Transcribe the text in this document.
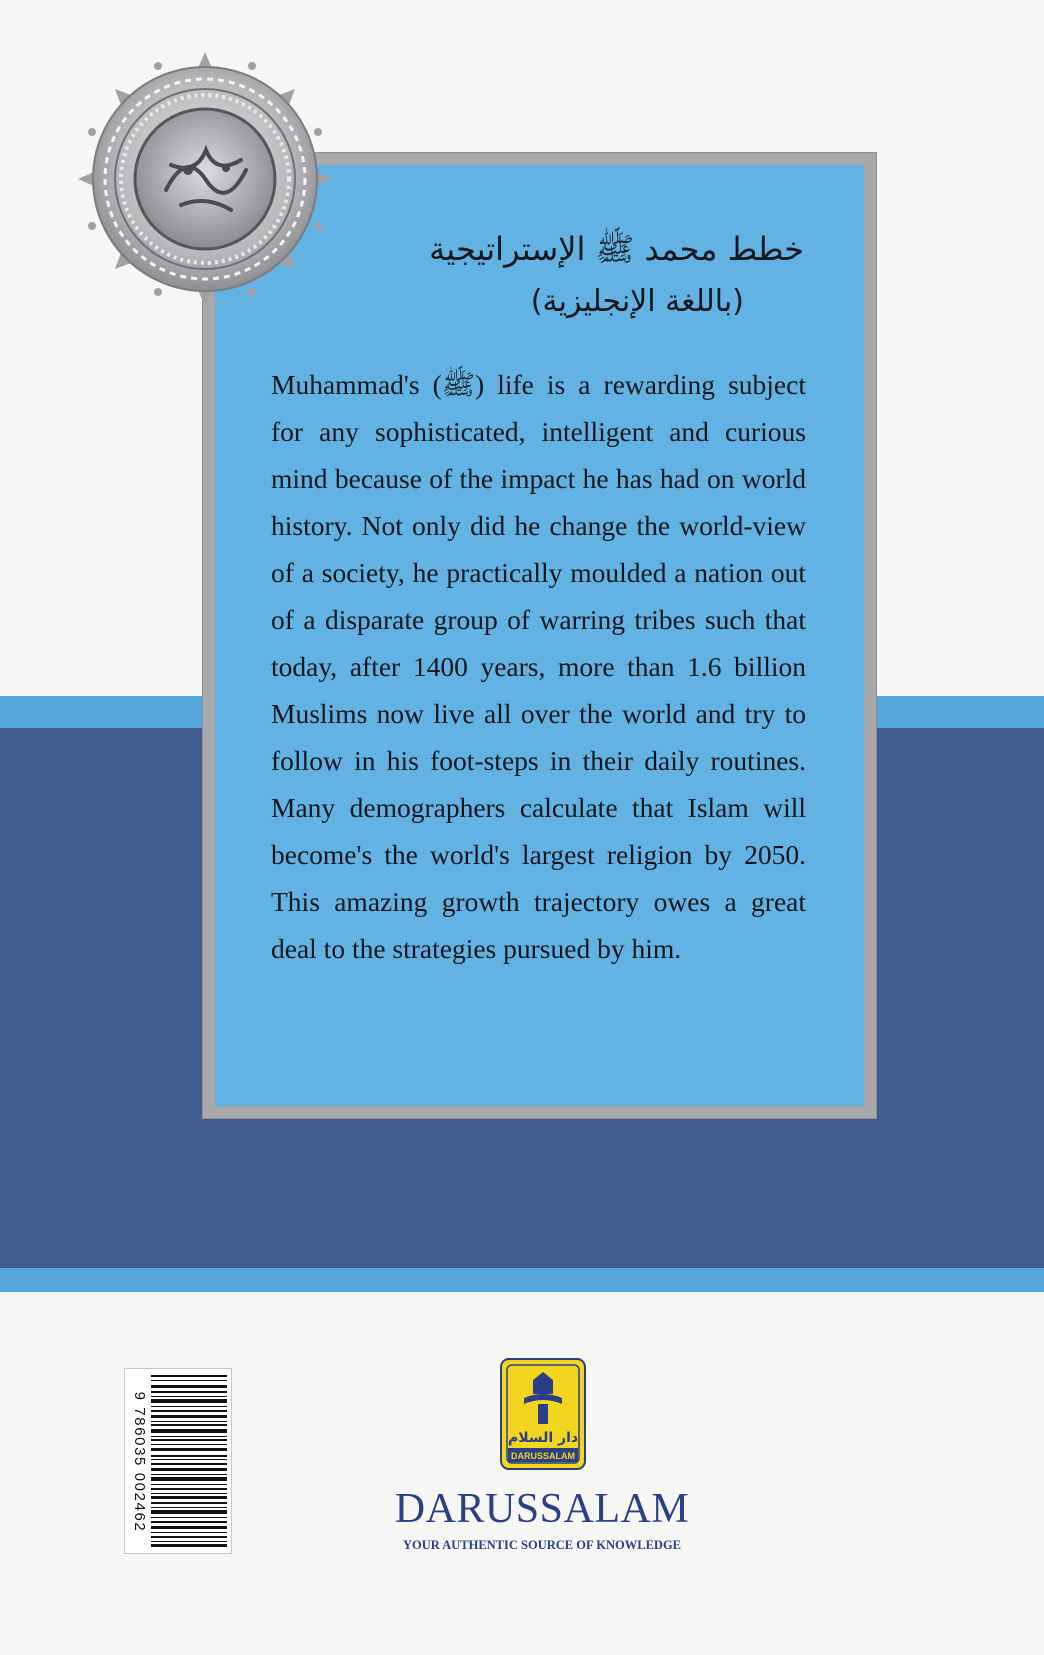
خطط محمد ﷺ الإستراتيجية
(باللغة الإنجليزية)

Muhammad's (ﷺ) life is a rewarding subject for any sophisticated, intelligent and curious mind because of the impact he has had on world history. Not only did he change the world-view of a society, he practically moulded a nation out of a disparate group of warring tribes such that today, after 1400 years, more than 1.6 billion Muslims now live all over the world and try to follow in his foot-steps in their daily routines. Many demographers calculate that Islam will become's the world's largest religion by 2050. This amazing growth trajectory owes a great deal to the strategies pursued by him.

9 786035 002462	دار السلام
DARUSSALAM
DARUSSALAM
YOUR AUTHENTIC SOURCE OF KNOWLEDGE
